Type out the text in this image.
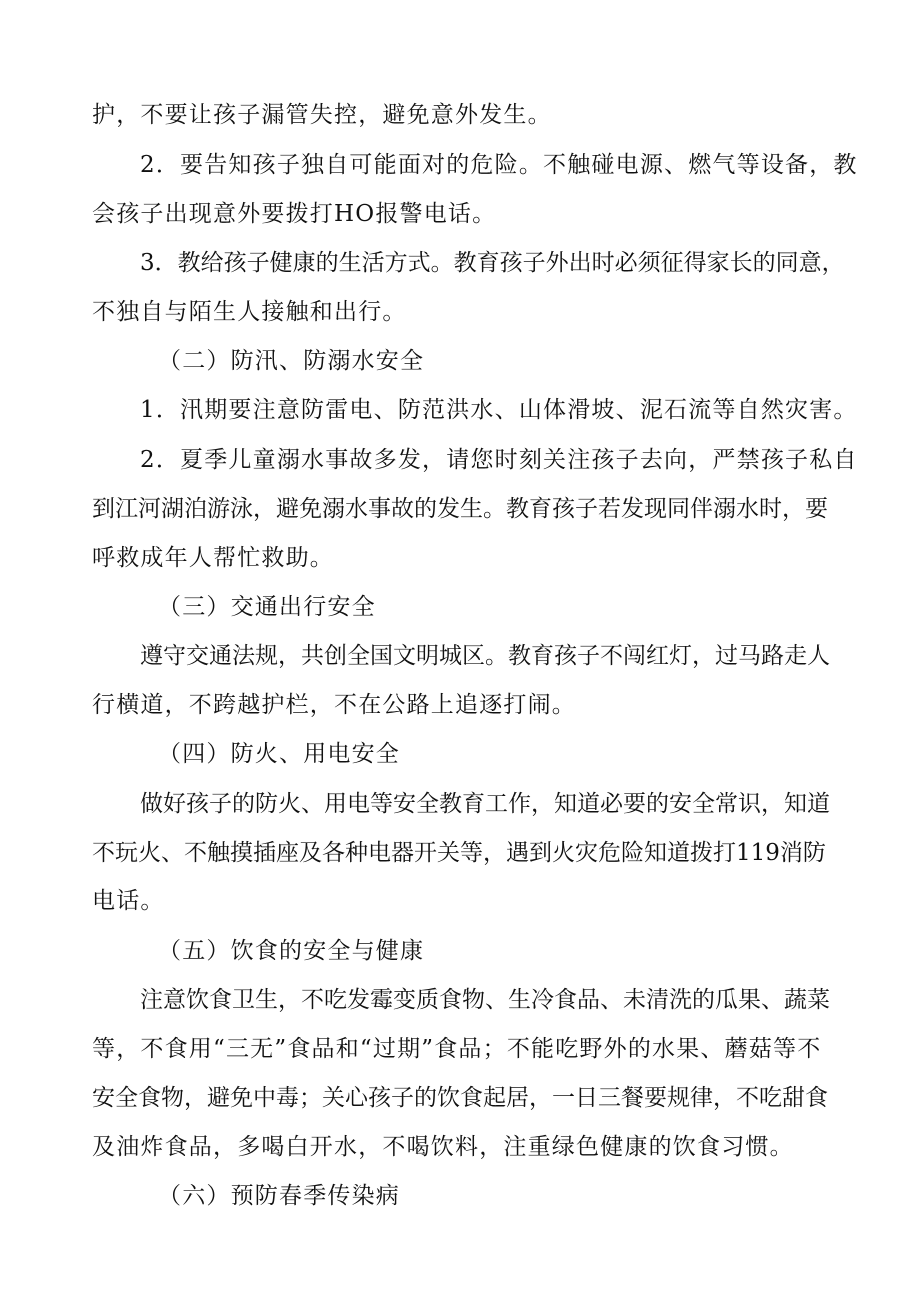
护，不要让孩子漏管失控，避免意外发生。
2．要告知孩子独自可能面对的危险。不触碰电源、燃气等设备，教
会孩子出现意外要拨打HO报警电话。
3．教给孩子健康的生活方式。教育孩子外出时必须征得家长的同意，
不独自与陌生人接触和出行。
（二）防汛、防溺水安全
1．汛期要注意防雷电、防范洪水、山体滑坡、泥石流等自然灾害。
2．夏季儿童溺水事故多发，请您时刻关注孩子去向，严禁孩子私自
到江河湖泊游泳，避免溺水事故的发生。教育孩子若发现同伴溺水时，要
呼救成年人帮忙救助。
（三）交通出行安全
遵守交通法规，共创全国文明城区。教育孩子不闯红灯，过马路走人
行横道，不跨越护栏，不在公路上追逐打闹。
（四）防火、用电安全
做好孩子的防火、用电等安全教育工作，知道必要的安全常识，知道
不玩火、不触摸插座及各种电器开关等，遇到火灾危险知道拨打119消防
电话。
（五）饮食的安全与健康
注意饮食卫生，不吃发霉变质食物、生冷食品、未清洗的瓜果、蔬菜
等，不食用“三无”食品和“过期”食品；不能吃野外的水果、蘑菇等不
安全食物，避免中毒；关心孩子的饮食起居，一日三餐要规律，不吃甜食
及油炸食品，多喝白开水，不喝饮料，注重绿色健康的饮食习惯。
（六）预防春季传染病
